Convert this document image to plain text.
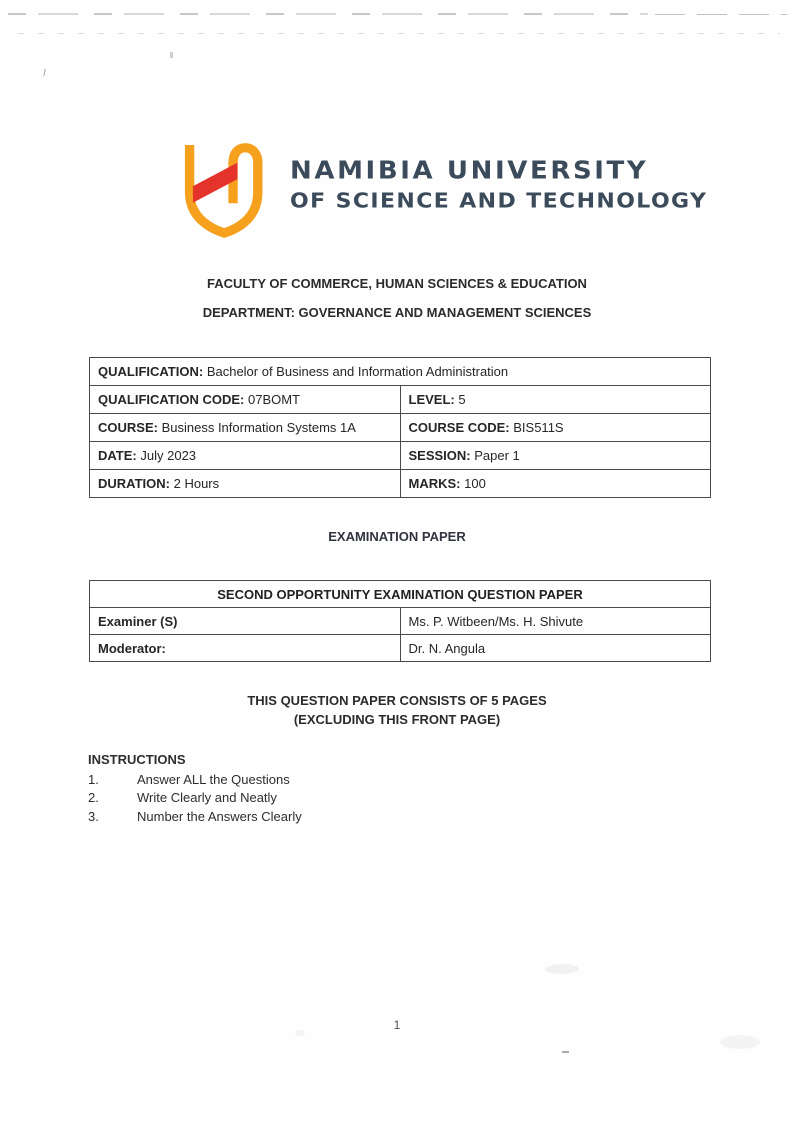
NAMIBIA UNIVERSITY
OF SCIENCE AND TECHNOLOGY
FACULTY OF COMMERCE, HUMAN SCIENCES & EDUCATION
DEPARTMENT: GOVERNANCE AND MANAGEMENT SCIENCES
QUALIFICATION: Bachelor of Business and Information Administration	
QUALIFICATION CODE: 07BOMT	LEVEL: 5
COURSE: Business Information Systems 1A	COURSE CODE: BIS511S
DATE: July 2023	SESSION: Paper 1
DURATION: 2 Hours	MARKS: 100
EXAMINATION PAPER
SECOND OPPORTUNITY EXAMINATION QUESTION PAPER	
Examiner (S)	Ms. P. Witbeen/Ms. H. Shivute
Moderator:	Dr. N. Angula
THIS QUESTION PAPER CONSISTS OF 5 PAGES
(EXCLUDING THIS FRONT PAGE)
INSTRUCTIONS
1.	Answer ALL the Questions
2.	Write Clearly and Neatly
3.	Number the Answers Clearly
1
